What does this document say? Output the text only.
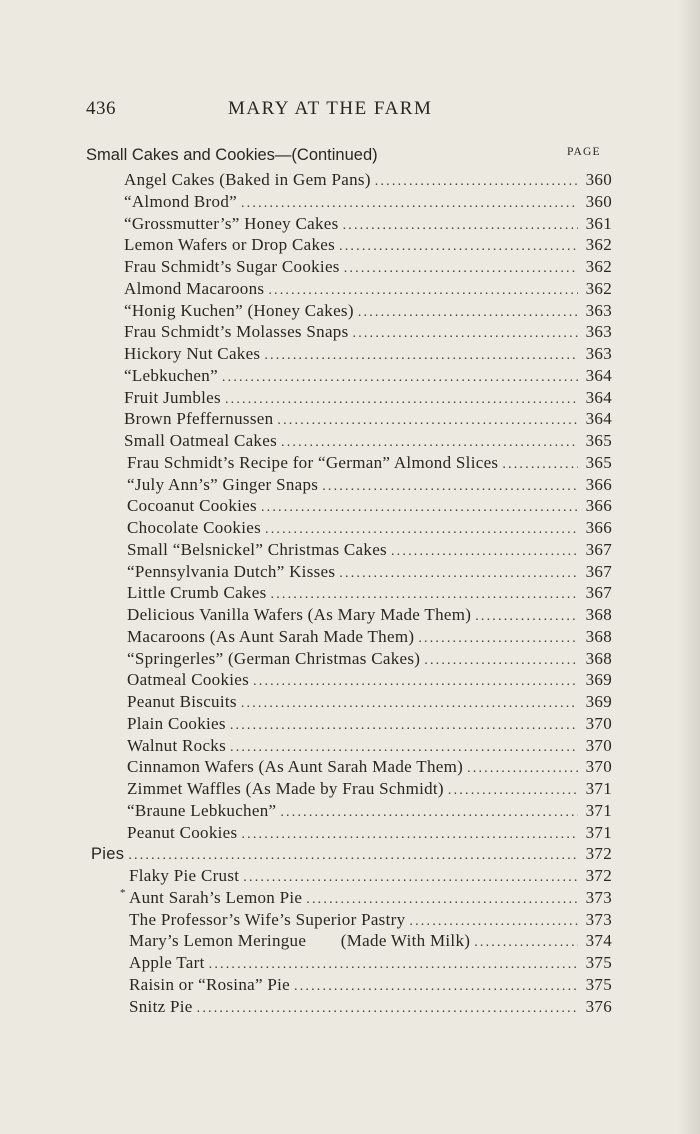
436	MARY AT THE FARM
Small Cakes and Cookies—(Continued)	PAGE
Angel Cakes (Baked in Gem Pans) .....	360
“Almond Brod” .....	360
“Grossmutter’s” Honey Cakes .....	361
Lemon Wafers or Drop Cakes .....	362
Frau Schmidt’s Sugar Cookies .....	362
Almond Macaroons .....	362
“Honig Kuchen” (Honey Cakes) .....	363
Frau Schmidt’s Molasses Snaps .....	363
Hickory Nut Cakes .....	363
“Lebkuchen” .....	364
Fruit Jumbles .....	364
Brown Pfeffernussen .....	364
Small Oatmeal Cakes .....	365
Frau Schmidt’s Recipe for “German” Almond Slices .....	365
“July Ann’s” Ginger Snaps .....	366
Cocoanut Cookies .....	366
Chocolate Cookies .....	366
Small “Belsnickel” Christmas Cakes .....	367
“Pennsylvania Dutch” Kisses .....	367
Little Crumb Cakes .....	367
Delicious Vanilla Wafers (As Mary Made Them) .....	368
Macaroons (As Aunt Sarah Made Them) .....	368
“Springerles” (German Christmas Cakes) .....	368
Oatmeal Cookies .....	369
Peanut Biscuits .....	369
Plain Cookies .....	370
Walnut Rocks .....	370
Cinnamon Wafers (As Aunt Sarah Made Them) .....	370
Zimmet Waffles (As Made by Frau Schmidt) .....	371
“Braune Lebkuchen” .....	371
Peanut Cookies .....	371
Pies .....	372
Flaky Pie Crust .....	372
Aunt Sarah’s Lemon Pie .....	373
The Professor’s Wife’s Superior Pastry .....	373
Mary’s Lemon Meringue  (Made With Milk) .....	374
Apple Tart .....	375
Raisin or “Rosina” Pie .....	375
Snitz Pie .....	376
*
